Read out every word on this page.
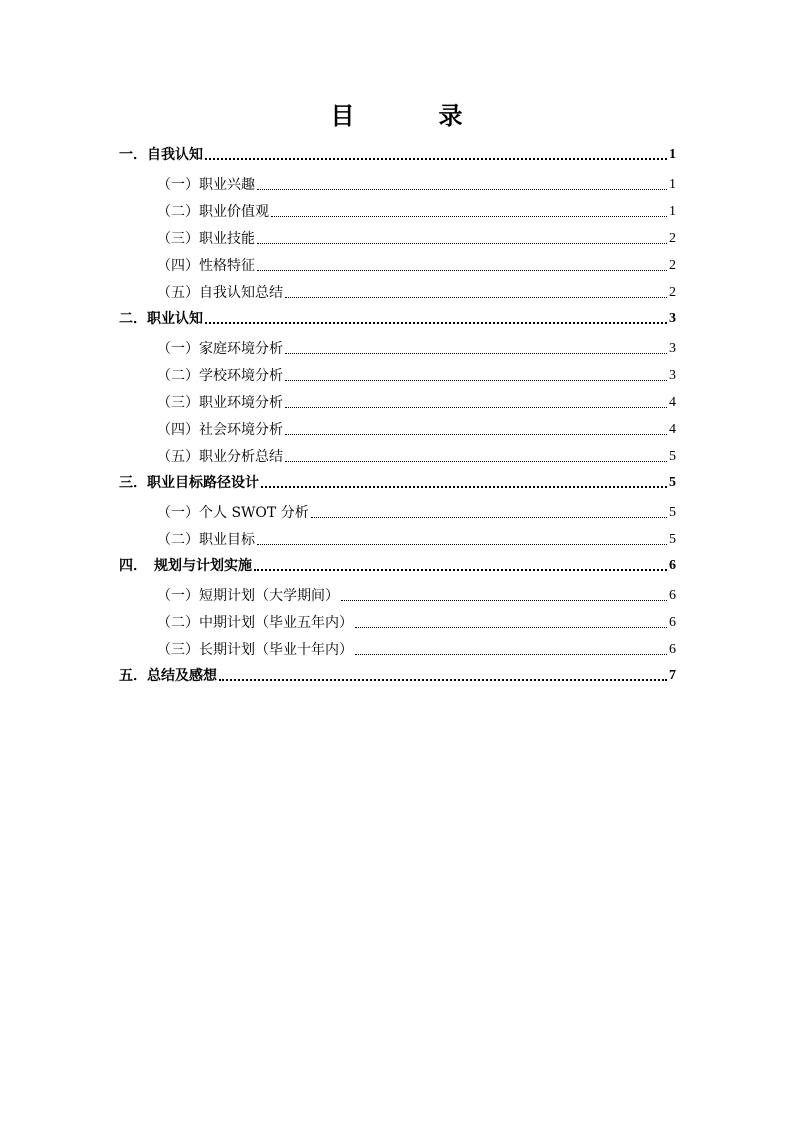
目　录
一．自我认知	1
（一）职业兴趣	1
（二）职业价值观	1
（三）职业技能	2
（四）性格特征	2
（五）自我认知总结	2
二．职业认知	3
（一）家庭环境分析	3
（二）学校环境分析	3
（三）职业环境分析	4
（四）社会环境分析	4
（五）职业分析总结	5
三．职业目标路径设计	5
（一）个人 SWOT 分析	5
（二）职业目标	5
四．　规划与计划实施	6
（一）短期计划（大学期间）	6
（二）中期计划（毕业五年内）	6
（三）长期计划（毕业十年内）	6
五．总结及感想	7
